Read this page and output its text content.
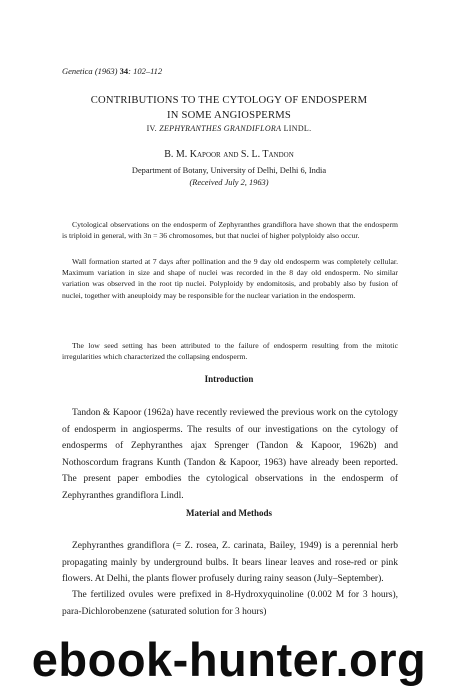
Genetica (1963) 34: 102–112
CONTRIBUTIONS TO THE CYTOLOGY OF ENDOSPERM
IN SOME ANGIOSPERMS
IV. ZEPHYRANTHES GRANDIFLORA LINDL.
B. M. Kapoor and S. L. Tandon
Department of Botany, University of Delhi, Delhi 6, India
(Received July 2, 1963)

Cytological observations on the endosperm of Zephyranthes grandiflora have shown that the endosperm is triploid in general, with 3n = 36 chromosomes, but that nuclei of higher polyploidy also occur.

Wall formation started at 7 days after pollination and the 9 day old endosperm was completely cellular. Maximum variation in size and shape of nuclei was recorded in the 8 day old endosperm. No similar variation was observed in the root tip nuclei. Polyploidy by endomitosis, and probably also by fusion of nuclei, together with aneuploidy may be responsible for the nuclear variation in the endosperm.

The low seed setting has been attributed to the failure of endosperm resulting from the mitotic irregularities which characterized the collapsing endosperm.

Introduction

Tandon & Kapoor (1962a) have recently reviewed the previous work on the cytology of endosperm in angiosperms. The results of our investigations on the cytology of endosperms of Zephyranthes ajax Sprenger (Tandon & Kapoor, 1962b) and Nothoscordum fragrans Kunth (Tandon & Kapoor, 1963) have already been reported. The present paper embodies the cytological observations in the endosperm of Zephyranthes grandiflora Lindl.

Material and Methods

Zephyranthes grandiflora (= Z. rosea, Z. carinata, Bailey, 1949) is a perennial herb propagating mainly by underground bulbs. It bears linear leaves and rose-red or pink flowers. At Delhi, the plants flower profusely during rainy season (July–September).

The fertilized ovules were prefixed in 8-Hydroxyquinoline (0.002 M for 3 hours), para-Dichlorobenzene (saturated solution for 3 hours)

ebook-hunter.org
